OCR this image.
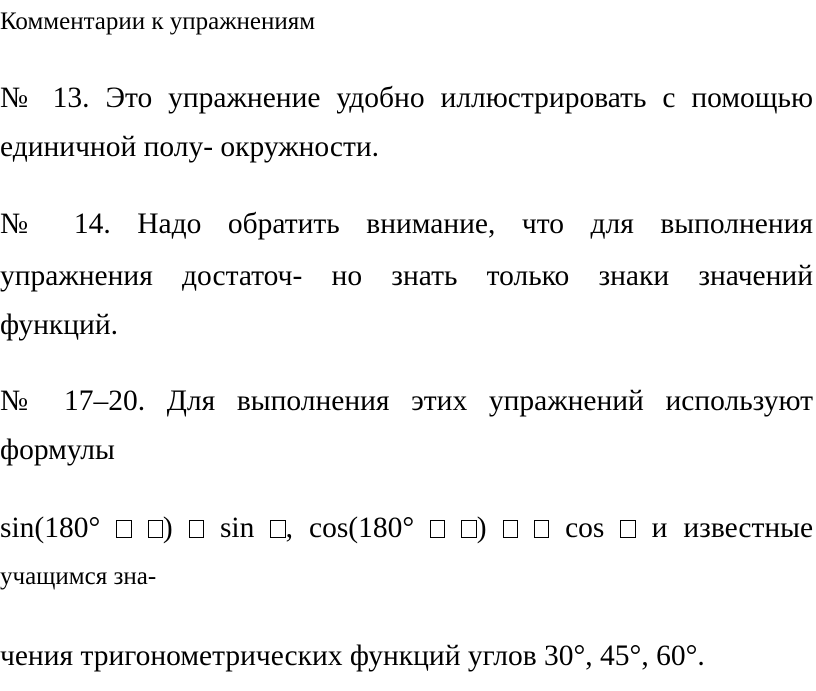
Комментарии к упражнениям
№ 13. Это упражнение удобно иллюстрировать с помощью
единичной полу- окружности.
№ 14. Надо обратить внимание, что для выполнения
упражнения достаточ- но знать только знаки значений
функций.
№ 17–20. Для выполнения этих упражнений используют
формулы
sin(180° ) sin , cos(180° )	cos и известные
учащимся зна-
чения тригонометрических функций углов 30°, 45°, 60°.
